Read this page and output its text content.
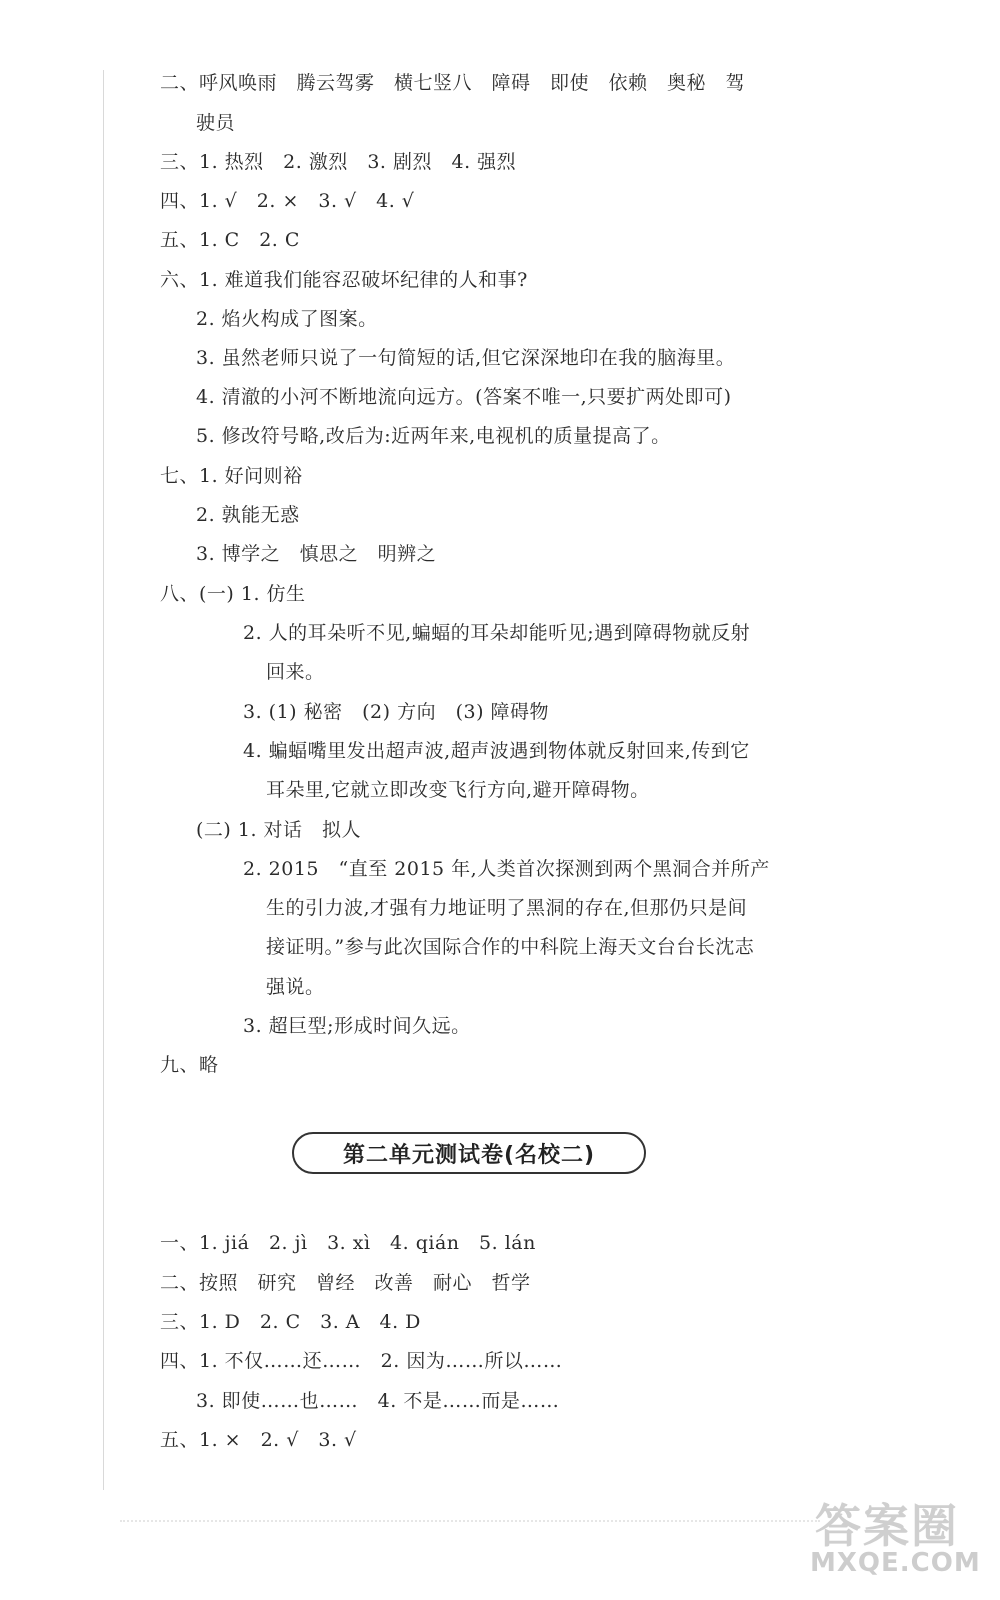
二、呼风唤雨　腾云驾雾　横七竖八　障碍　即使　依赖　奥秘　驾
驶员
三、1. 热烈　2. 激烈　3. 剧烈　4. 强烈
四、1. √　2. ×　3. √　4. √
五、1. C　2. C
六、1. 难道我们能容忍破坏纪律的人和事?
2. 焰火构成了图案。
3. 虽然老师只说了一句简短的话,但它深深地印在我的脑海里。
4. 清澈的小河不断地流向远方。(答案不唯一,只要扩两处即可)
5. 修改符号略,改后为:近两年来,电视机的质量提高了。
七、1. 好问则裕
2. 孰能无惑
3. 博学之　慎思之　明辨之
八、(一) 1. 仿生
2. 人的耳朵听不见,蝙蝠的耳朵却能听见;遇到障碍物就反射
回来。
3. (1) 秘密　(2) 方向　(3) 障碍物
4. 蝙蝠嘴里发出超声波,超声波遇到物体就反射回来,传到它
耳朵里,它就立即改变飞行方向,避开障碍物。
(二) 1. 对话　拟人
2. 2015　“直至 2015 年,人类首次探测到两个黑洞合并所产
生的引力波,才强有力地证明了黑洞的存在,但那仍只是间
接证明。”参与此次国际合作的中科院上海天文台台长沈志
强说。
3. 超巨型;形成时间久远。
九、略
第二单元测试卷(名校二)
一、1. jiá　2. jì　3. xì　4. qián　5. lán
二、按照　研究　曾经　改善　耐心　哲学
三、1. D　2. C　3. A　4. D
四、1. 不仅……还……　2. 因为……所以……
3. 即使……也……　4. 不是……而是……
五、1. ×　2. √　3. √
答案圈
MXQE.COM
